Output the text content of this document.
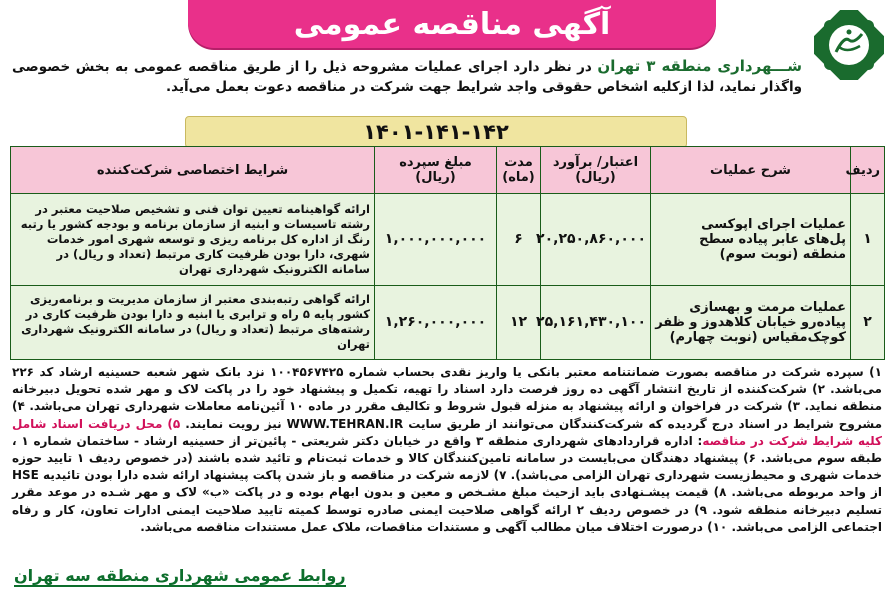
آگهی مناقصه عمومی
شـــهرداری منطقه ۳ تهران در نظر دارد اجرای عملیات مشروحه ذیل را از طریق مناقصه عمومی به بخش خصوصی واگذار نماید، لذا ازکلیه اشخاص حقوقی واجد شرایط جهت شرکت در مناقصه دعوت بعمل می‌آید.
۱۴۰۱-۱۴۱-۱۴۲
ردیف	شرح عملیات	اعتبار/ برآورد (ریال)	مدت (ماه)	مبلغ سپرده (ریال)	شرایط اختصاصی شرکت‌کننده
۱	عملیات اجرای اپوکسی پل‌های عابر پیاده سطح منطقه (نوبت سوم)	۲۰,۲۵۰,۸۶۰,۰۰۰	۶	۱,۰۰۰,۰۰۰,۰۰۰	ارائه گواهینامه تعیین توان فنی و تشخیص صلاحیت معتبر در رشته تاسیسات و ابنیه از سازمان برنامه و بودجه کشور یا رتبه رنگ از اداره کل برنامه ریزی و توسعه شهری امور خدمات شهری، دارا بودن ظرفیت کاری مرتبط (تعداد و ریال) در سامانه الکترونیک شهرداری تهران
۲	عملیات مرمت و بهسازی پیاده‌رو خیابان کلاهدوز و ظفر کوچک‌مقیاس (نوبت چهارم)	۲۵,۱۶۱,۴۳۰,۱۰۰	۱۲	۱,۲۶۰,۰۰۰,۰۰۰	ارائه گواهی رتبه‌بندی معتبر از سازمان مدیریت و برنامه‌ریزی کشور پایه ۵ راه و ترابری یا ابنیه و دارا بودن ظرفیت کاری در رشته‌های مرتبط (تعداد و ریال) در سامانه الکترونیک شهرداری تهران
۱) سپرده شرکت در مناقصه بصورت ضمانتنامه معتبر بانکی یا واریز نقدی بحساب شماره ۱۰۰۴۵۶۷۴۲۵ نزد بانک شهر شعبه حسینیه ارشاد کد ۲۲۶ می‌باشد. ۲) شرکت‌کننده از تاریخ انتشار آگهی ده روز فرصت دارد اسناد را تهیه، تکمیل و پیشنهاد خود را در پاکت لاک و مهر شده تحویل دبیرخانه منطقه نماید. ۳) شرکت در فراخوان و ارائه پیشنهاد به منزله قبول شروط و تکالیف مقرر در ماده ۱۰ آئین‌نامه معاملات شهرداری تهران می‌باشد. ۴) مشروح شرایط در اسناد درج گردیده که شرکت‌کنندگان می‌توانند از طریق سایت WWW.TEHRAN.IR نیز رویت نمایند. ۵) محل دریافت اسناد شامل کلیه شرایط شرکت در مناقصه: اداره قراردادهای شهرداری منطقه ۳ واقع در خیابان دکتر شریعتی - پائین‌تر از حسینیه ارشاد - ساختمان شماره ۱ ، طبقه سوم می‌باشد. ۶) پیشنهاد دهندگان می‌بایست در سامانه تامین‌کنندگان کالا و خدمات ثبت‌نام و تائید شده باشند (در خصوص ردیف ۱ تایید حوزه خدمات شهری و محیط‌زیست شهرداری تهران الزامی می‌باشد). ۷) لازمه شرکت در مناقصه و باز شدن پاکت پیشنهاد ارائه شده دارا بودن تائیدیه HSE از واحد مربوطه می‌باشد. ۸) قیمت پیشـنهادی باید ازحیث مبلغ مشـخص و معین و بدون ابهام بوده و در پاکت «ب» لاک و مهر شـده در موعد مقرر تسلیم دبیرخانه منطقه شود. ۹) در خصوص ردیف ۲ ارائه گواهی صلاحیت ایمنی صادره توسط کمیته تایید صلاحیت ایمنی ادارات تعاون، کار و رفاه اجتماعی الزامی می‌باشد. ۱۰) درصورت اختلاف میان مطالب آگهی و مستندات مناقصات، ملاک عمل مستندات مناقصه می‌باشد.
روابط عمومی شهرداری منطقه سه تهران
